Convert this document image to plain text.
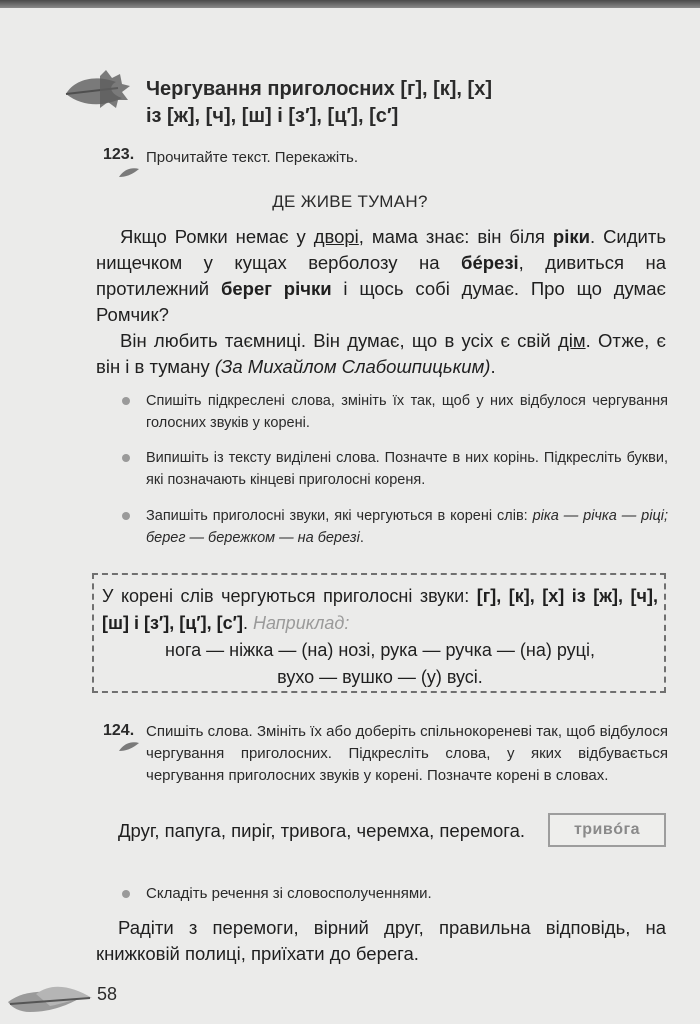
Чергування приголосних [г], [к], [х]
із [ж], [ч], [ш] і [з′], [ц′], [с′]
123. Прочитайте текст. Перекажіть.
ДЕ ЖИВЕ ТУМАН?

Якщо Ромки немає у дворі, мама знає: він біля ріки. Сидить нищечком у кущах верболозу на бéрезі, дивиться на протилежний берег річки і щось собі думає. Про що думає Ромчик?

Він любить таємниці. Він думає, що в усіх є свій дім. Отже, є він і в туману (За Михайлом Слабошпицьким).

Спишіть підкреслені слова, змініть їх так, щоб у них відбулося чергування голосних звуків у корені.
Випишіть із тексту виділені слова. Позначте в них корінь. Підкресліть букви, які позначають кінцеві приголосні кореня.
Запишіть приголосні звуки, які чергуються в корені слів: ріка — річка — ріці; берег — бережком — на березі.
У корені слів чергуються приголосні звуки: [г], [к], [х] із [ж], [ч], [ш] і [з′], [ц′], [с′]. Наприклад:
нога — ніжка — (на) нозі, рука — ручка — (на) руці,
вухо — вушко — (у) вусі.
124. Спишіть слова. Змініть їх або доберіть спільнокореневі так, щоб відбулося чергування приголосних. Підкресліть слова, у яких відбувається чергування приголосних звуків у корені. Позначте корені в словах.
Друг, папуга, пиріг, тривога, черемха, перемога.	тривóга
Складіть речення зі словосполученнями.

Радіти з перемоги, вірний друг, правильна відповідь, на книжковій полиці, приїхати до берега.

58
